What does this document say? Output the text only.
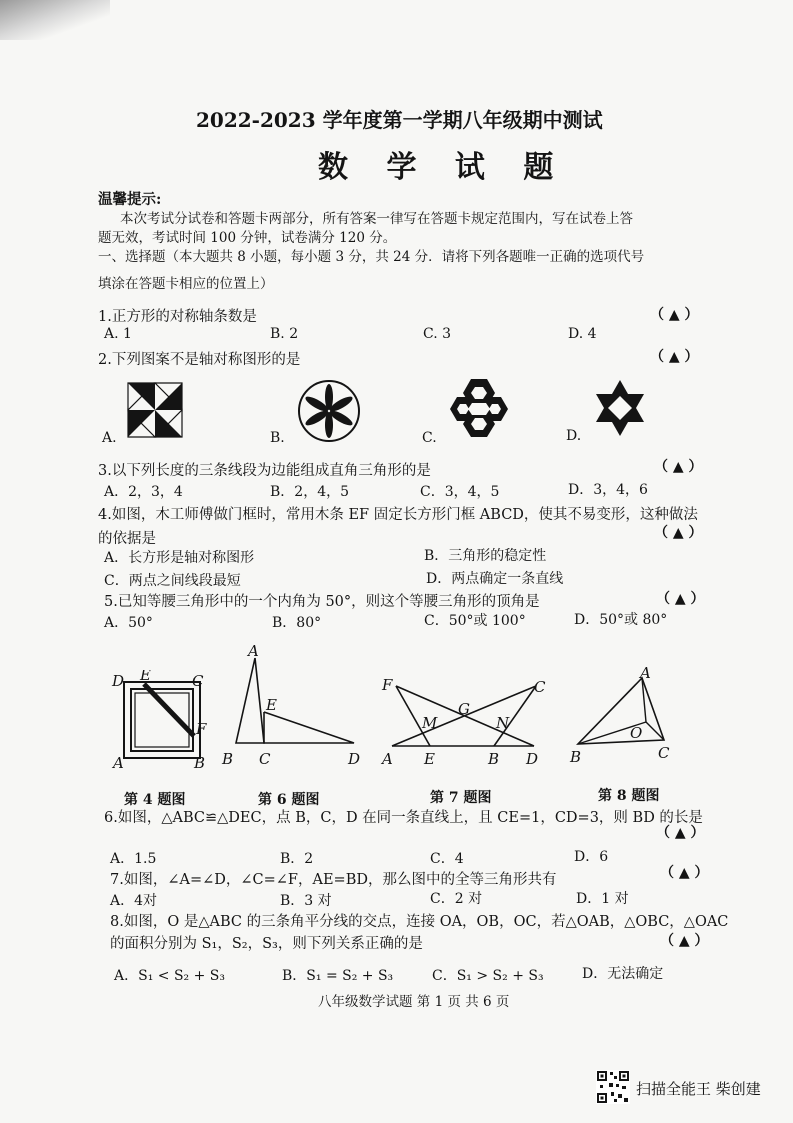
2022-2023 学年度第一学期八年级期中测试
数 学 试 题
温馨提示:
本次考试分试卷和答题卡两部分，所有答案一律写在答题卡规定范围内，写在试卷上答
题无效，考试时间 100 分钟，试卷满分 120 分。
一、选择题（本大题共 8 小题，每小题 3 分，共 24 分．请将下列各题唯一正确的选项代号
填涂在答题卡相应的位置上）
1.正方形的对称轴条数是	（ ▲ ）
A. 1	B. 2	C. 3	D. 4
2.下列图案不是轴对称图形的是	（ ▲ ）
A.	B.	C.	D.
3.以下列长度的三条线段为边能组成直角三角形的是	（ ▲ ）
A．2，3，4	B．2，4，5	C．3，4，5	D．3，4，6
4.如图，木工师傅做门框时，常用木条 EF 固定长方形门框 ABCD，使其不易变形，这种做法
的依据是	（ ▲ ）
A．长方形是轴对称图形	B．三角形的稳定性
C．两点之间线段最短	D．两点确定一条直线
5.已知等腰三角形中的一个内角为 50°，则这个等腰三角形的顶角是	（ ▲ ）
A．50°	B．80°	C．50°或 100°	D．50°或 80°
D E	C
F
A	B
A
E
B C	D
F	C
G
M	N
A E	B D
A
O
B	C
第 4 题图	第 6 题图	第 7 题图	第 8 题图
6.如图，△ABC≌△DEC，点 B，C，D 在同一条直线上，且 CE=1，CD=3，则 BD 的长是
（ ▲ ）
A．1.5	B．2	C．4	D．6
7.如图，∠A=∠D，∠C=∠F，AE=BD，那么图中的全等三角形共有	（ ▲ ）
A．4对	B．3 对	C．2 对	D．1 对
8.如图，O 是△ABC 的三条角平分线的交点，连接 OA，OB，OC，若△OAB，△OBC，△OAC
的面积分别为 S₁，S₂，S₃，则下列关系正确的是	（ ▲ ）
A．S₁ < S₂ + S₃	B．S₁ = S₂ + S₃	C．S₁ > S₂ + S₃	D．无法确定
八年级数学试题 第 1 页 共 6 页
扫描全能王 柴创建
